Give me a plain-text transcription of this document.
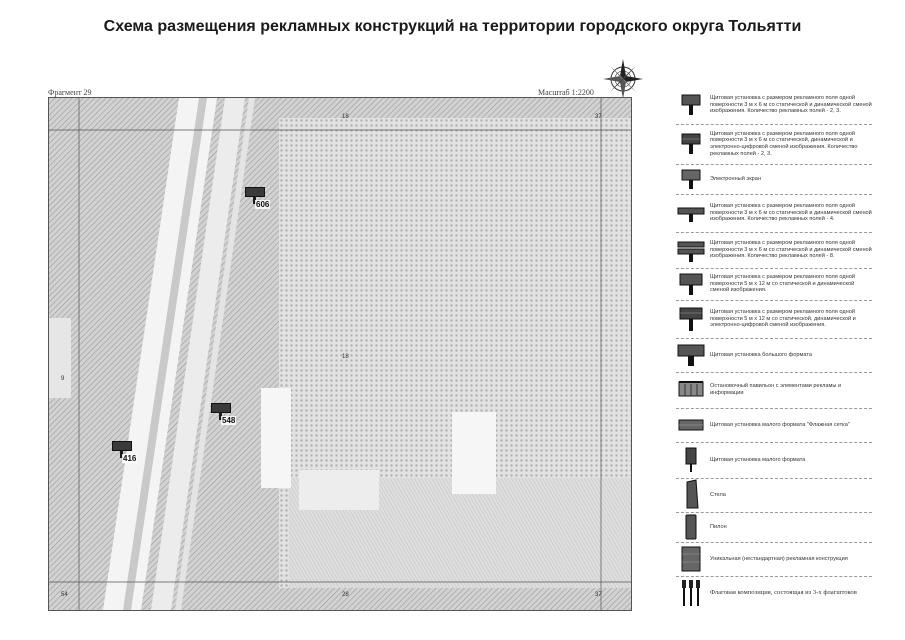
Схема размещения рекламных конструкций на территории городского округа Тольятти
Фрагмент 29	Масштаб 1:2200
18	37
9
18
54	28	37
606
548
416
Щитовая установка с размером рекламного поля одной поверхности 3 м х 6 м со статической и динамической сменой изображения. Количество рекламных полей - 2, 3.
Щитовая установка с размером рекламного поля одной поверхности 3 м х 6 м со статической, динамической и электронно-цифровой сменой изображения. Количество рекламных полей - 2, 3.
Электронный экран
Щитовая установка с размером рекламного поля одной поверхности 3 м х 6 м со статической и динамической сменой изображения. Количество рекламных полей - 4.
Щитовая установка с размером рекламного поля одной поверхности 3 м х 6 м со статической и динамической сменой изображения. Количество рекламных полей - 8.
Щитовая установка с размером рекламного поля одной поверхности 5 м х 12 м со статической и динамической сменой изображения.
Щитовая установка с размером рекламного поля одной поверхности 5 м х 12 м со статической, динамической и электронно-цифровой сменой изображения.
Щитовая установка большого формата
Остановочный павильон с элементами рекламы и информации
Щитовая установка малого формата "Флажная сетка"
Щитовая установка малого формата
Стела
Пилон
Уникальная (нестандартная) рекламная конструкция
Флаговая композиция, состоящая из 3-х флагштоков
